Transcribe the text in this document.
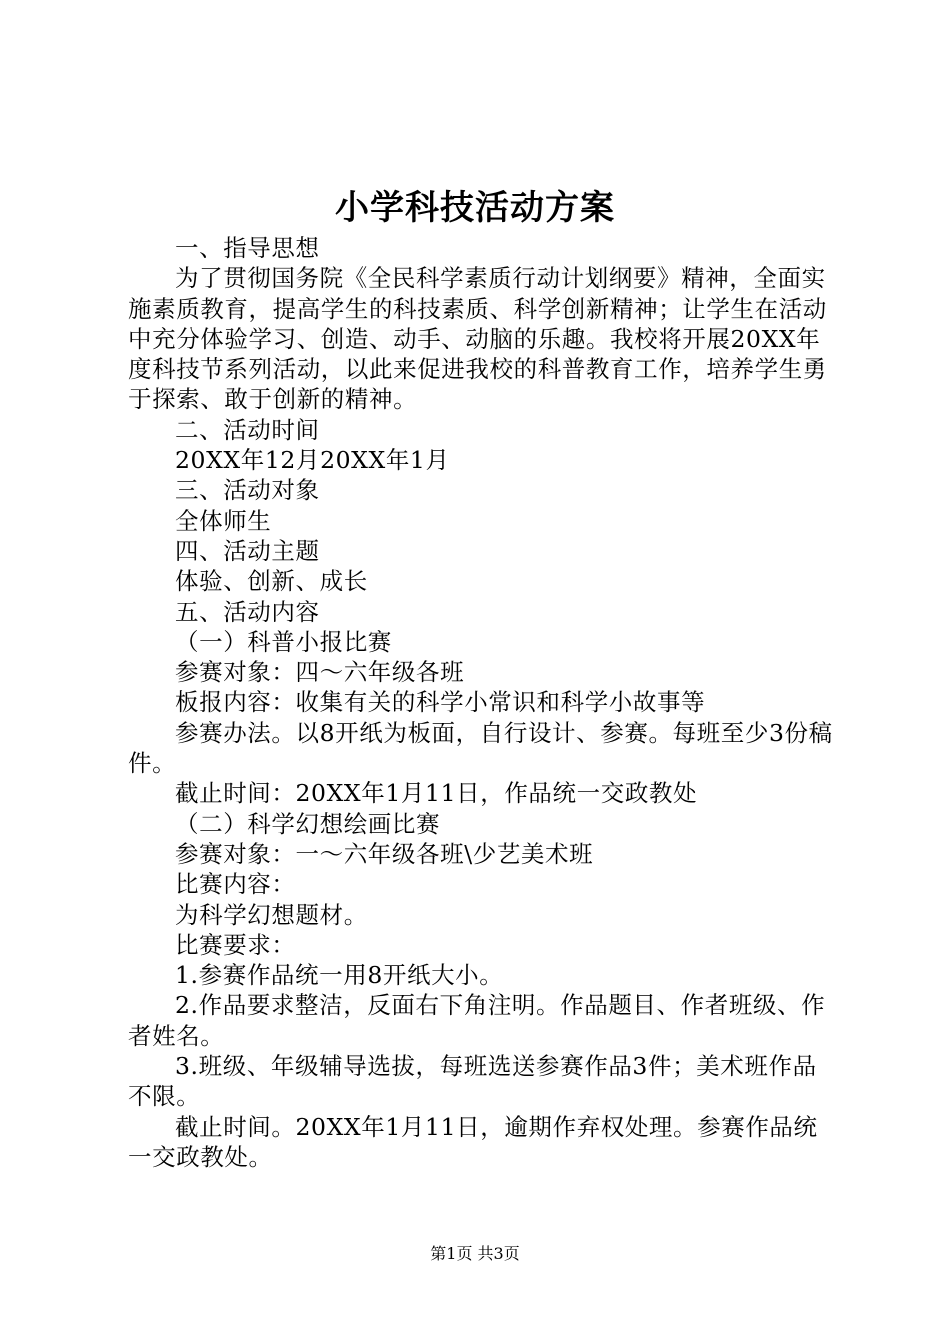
小学科技活动方案

一、指导思想

为了贯彻国务院《全民科学素质行动计划纲要》精神，全面实施素质教育，提高学生的科技素质、科学创新精神；让学生在活动中充分体验学习、创造、动手、动脑的乐趣。我校将开展20XX年度科技节系列活动，以此来促进我校的科普教育工作，培养学生勇于探索、敢于创新的精神。

二、活动时间

20XX年12月20XX年1月

三、活动对象

全体师生

四、活动主题

体验、创新、成长

五、活动内容

（一）科普小报比赛

参赛对象：四～六年级各班

板报内容：收集有关的科学小常识和科学小故事等

参赛办法。以8开纸为板面，自行设计、参赛。每班至少3份稿件。

截止时间：20XX年1月11日，作品统一交政教处

（二）科学幻想绘画比赛

参赛对象：一～六年级各班\少艺美术班

比赛内容：

为科学幻想题材。

比赛要求：

1.参赛作品统一用8开纸大小。

2.作品要求整洁，反面右下角注明。作品题目、作者班级、作者姓名。

3.班级、年级辅导选拔，每班选送参赛作品3件；美术班作品不限。

截止时间。20XX年1月11日，逾期作弃权处理。参赛作品统一交政教处。

第1页 共3页
